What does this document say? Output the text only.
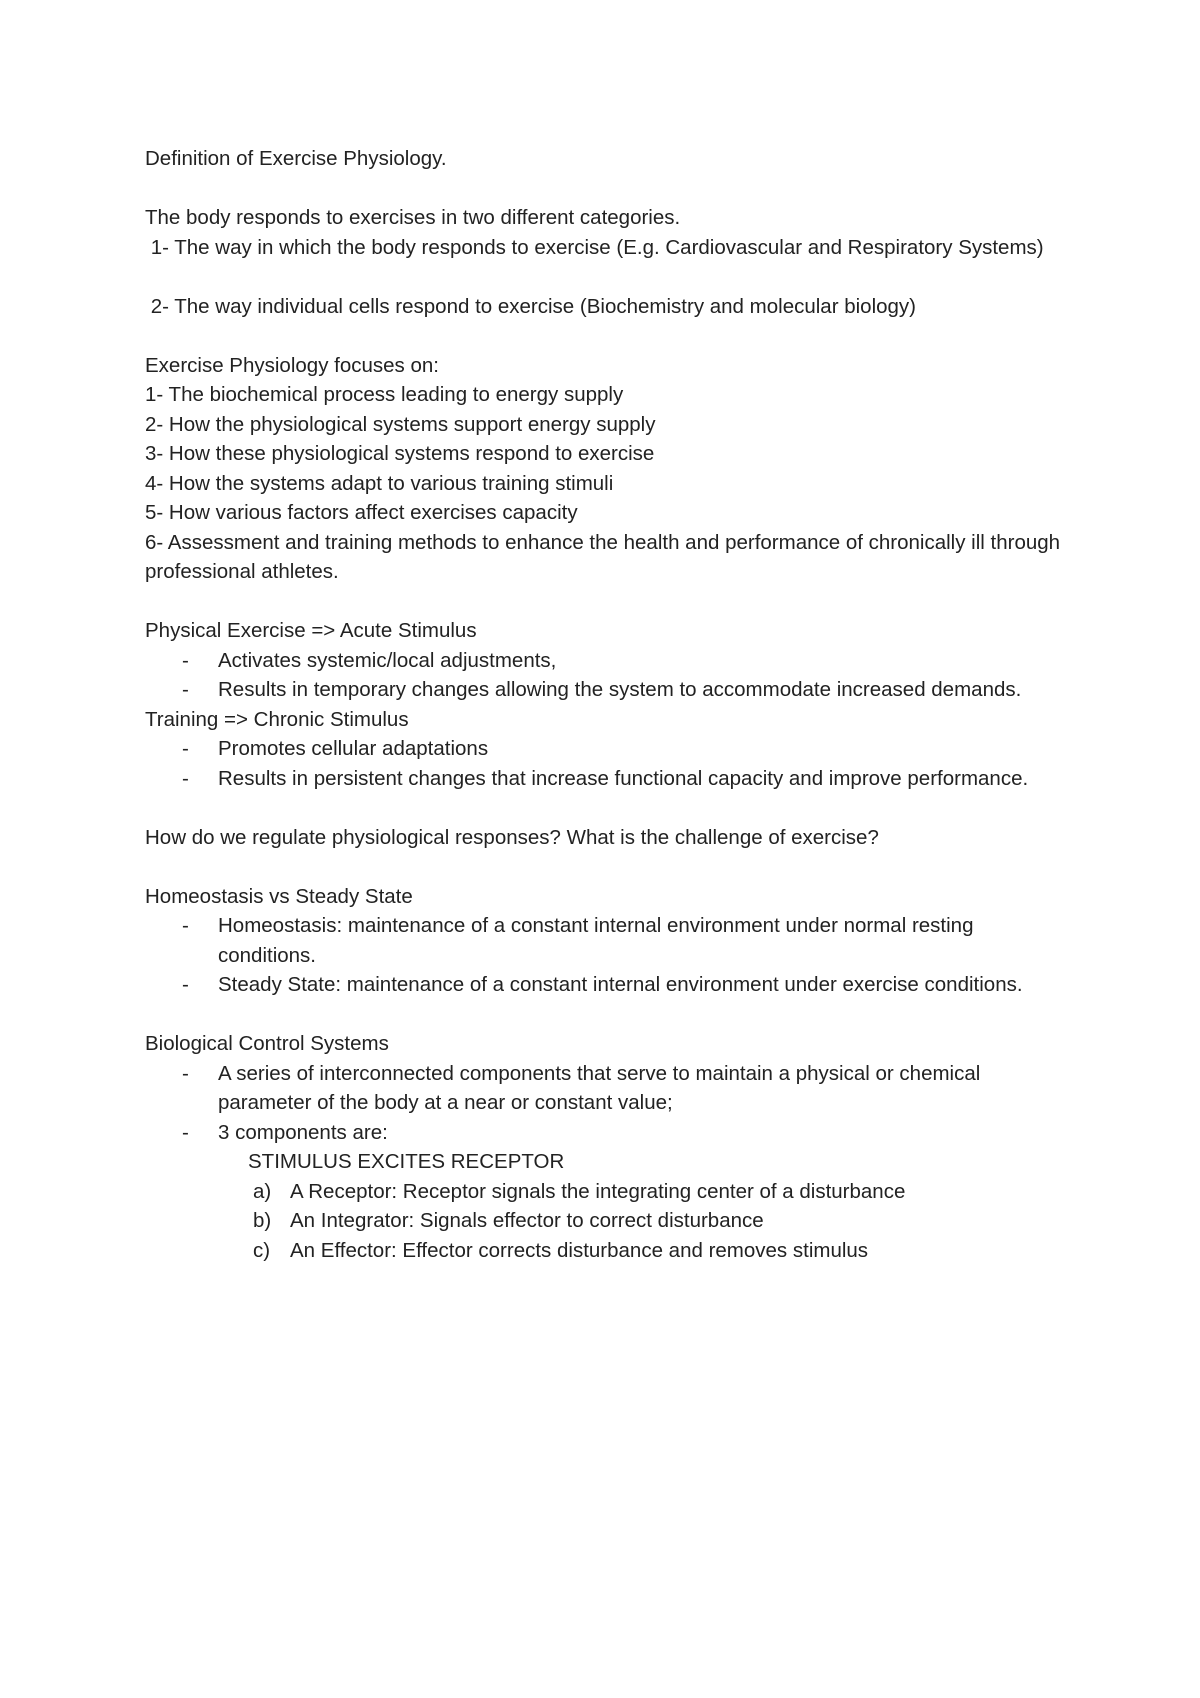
Definition of Exercise Physiology.

The body responds to exercises in two different categories.

1- The way in which the body responds to exercise (E.g. Cardiovascular and Respiratory Systems)

2- The way individual cells respond to exercise (Biochemistry and molecular biology)

Exercise Physiology focuses on:

1- The biochemical process leading to energy supply

2- How the physiological systems support energy supply

3- How these physiological systems respond to exercise

4- How the systems adapt to various training stimuli

5- How various factors affect exercises capacity

6- Assessment and training methods to enhance the health and performance of chronically ill through professional athletes.

Physical Exercise => Acute Stimulus

-	Activates systemic/local adjustments,
-	Results in temporary changes allowing the system to accommodate increased demands.

Training => Chronic Stimulus

-	Promotes cellular adaptations
-	Results in persistent changes that increase functional capacity and improve performance.

How do we regulate physiological responses? What is the challenge of exercise?

Homeostasis vs Steady State

-	Homeostasis: maintenance of a constant internal environment under normal resting conditions.
-	Steady State: maintenance of a constant internal environment under exercise conditions.

Biological Control Systems

-	A series of interconnected components that serve to maintain a physical or chemical parameter of the body at a near or constant value;
-	3 components are:

STIMULUS EXCITES RECEPTOR

a) A Receptor: Receptor signals the integrating center of a disturbance
b) An Integrator: Signals effector to correct disturbance
c) An Effector: Effector corrects disturbance and removes stimulus
